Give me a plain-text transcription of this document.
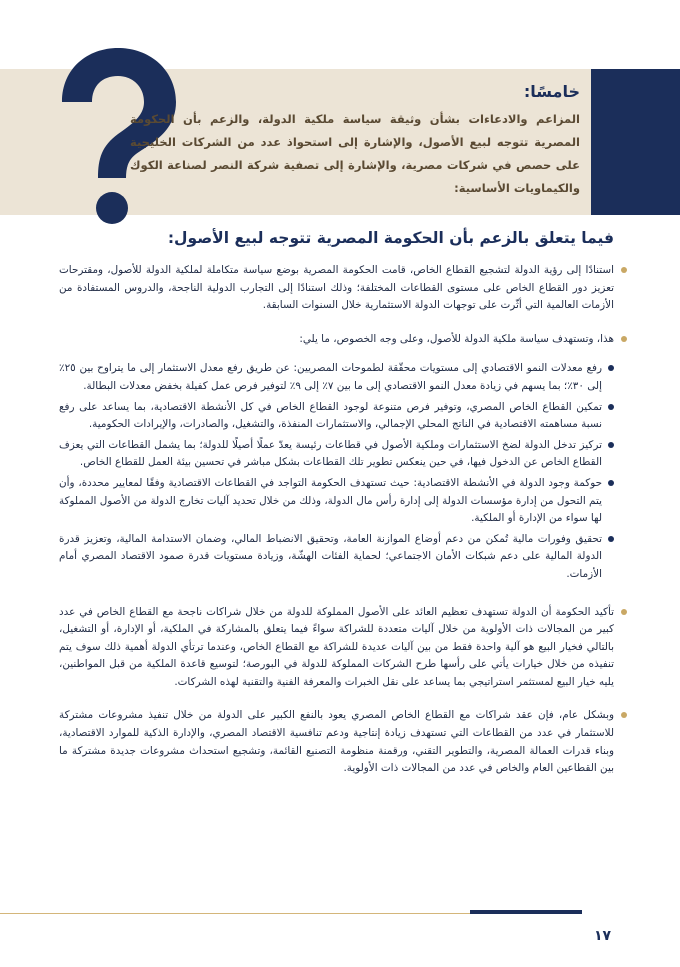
خامسًا:
المزاعم والادعاءات بشأن وثيقة سياسة ملكية الدولة، والزعم بأن الحكومة المصرية تتوجه لبيع الأصول، والإشارة إلى استحواذ عدد من الشركات الخليجية على حصص في شركات مصرية، والإشارة إلى تصفية شركة النصر لصناعة الكوك والكيماويات الأساسية:
فيما يتعلق بالزعم بأن الحكومة المصرية تتوجه لبيع الأصول:
استنادًا إلى رؤية الدولة لتشجيع القطاع الخاص، قامت الحكومة المصرية بوضع سياسة متكاملة لملكية الدولة للأصول، ومقترحات تعزيز دور القطاع الخاص على مستوى القطاعات المختلفة؛ وذلك استنادًا إلى التجارب الدولية الناجحة، والدروس المستفادة من الأزمات العالمية التي أثّرت على توجهات الدولة الاستثمارية خلال السنوات السابقة.
هذا، وتستهدف سياسة ملكية الدولة للأصول، وعلى وجه الخصوص، ما يلي:
رفع معدلات النمو الاقتصادي إلى مستويات محقّقة لطموحات المصريين: عن طريق رفع معدل الاستثمار إلى ما يتراوح بين ٢٥٪ إلى ٣٠٪؛ بما يسهم في زيادة معدل النمو الاقتصادي إلى ما بين ٧٪ إلى ٩٪ لتوفير فرص عمل كفيلة بخفض معدلات البطالة.
تمكين القطاع الخاص المصري، وتوفير فرص متنوعة لوجود القطاع الخاص في كل الأنشطة الاقتصادية، بما يساعد على رفع نسبة مساهمته الاقتصادية في الناتج المحلي الإجمالي، والاستثمارات المنفذة، والتشغيل، والصادرات، والإيرادات الحكومية.
تركيز تدخل الدولة لضخ الاستثمارات وملكية الأصول في قطاعات رئيسة يعدّ عملًا أصيلًا للدولة؛ بما يشمل القطاعات التي يعزف القطاع الخاص عن الدخول فيها، في حين ينعكس تطوير تلك القطاعات بشكل مباشر في تحسين بيئة العمل للقطاع الخاص.
حوكمة وجود الدولة في الأنشطة الاقتصادية: حيث تستهدف الحكومة التواجد في القطاعات الاقتصادية وفقًا لمعايير محددة، وأن يتم التحول من إدارة مؤسسات الدولة إلى إدارة رأس مال الدولة، وذلك من خلال تحديد آليات تخارج الدولة من الأصول المملوكة لها سواء من الإدارة أو الملكية.
تحقيق وفورات مالية تُمكن من دعم أوضاع الموازنة العامة، وتحقيق الانضباط المالي، وضمان الاستدامة المالية، وتعزيز قدرة الدولة المالية على دعم شبكات الأمان الاجتماعي؛ لحماية الفئات الهشّة، وزيادة مستويات قدرة صمود الاقتصاد المصري أمام الأزمات.
تأكيد الحكومة أن الدولة تستهدف تعظيم العائد على الأصول المملوكة للدولة من خلال شراكات ناجحة مع القطاع الخاص في عدد كبير من المجالات ذات الأولوية من خلال آليات متعددة للشراكة سواءً فيما يتعلق بالمشاركة في الملكية، أو الإدارة، أو التشغيل، بالتالي فخيار البيع هو آلية واحدة فقط من بين آليات عديدة للشراكة مع القطاع الخاص، وعندما ترتأي الدولة أهمية ذلك سوف يتم تنفيذه من خلال خيارات يأتي على رأسها طرح الشركات المملوكة للدولة في البورصة؛ لتوسيع قاعدة الملكية من قبل المواطنين، يليه خيار البيع لمستثمر استراتيجي بما يساعد على نقل الخبرات والمعرفة الفنية والتقنية لهذه الشركات.
وبشكل عام، فإن عقد شراكات مع القطاع الخاص المصري يعود بالنفع الكبير على الدولة من خلال تنفيذ مشروعات مشتركة للاستثمار في عدد من القطاعات التي تستهدف زيادة إنتاجية ودعم تنافسية الاقتصاد المصري، والإدارة الذكية للموارد الاقتصادية، وبناء قدرات العمالة المصرية، والتطوير التقني، ورقمنة منظومة التصنيع القائمة، وتشجيع استحداث مشروعات جديدة مشتركة ما بين القطاعين العام والخاص في عدد من المجالات ذات الأولوية.
١٧
